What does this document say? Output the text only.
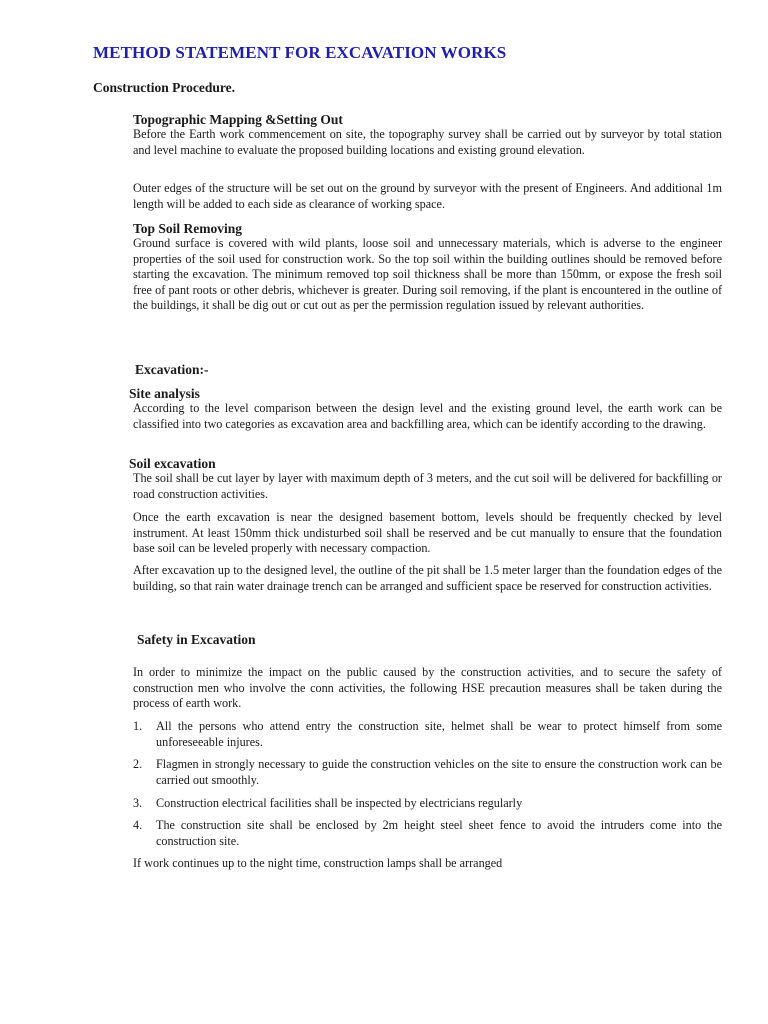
METHOD STATEMENT FOR EXCAVATION WORKS
Construction Procedure.
Topographic Mapping &Setting Out

Before the Earth work commencement on site, the topography survey shall be carried out by surveyor by total station and level machine to evaluate the proposed building locations and existing ground elevation.

Outer edges of the structure will be set out on the ground by surveyor with the present of Engineers. And additional 1m length will be added to each side as clearance of working space.

Top Soil Removing

Ground surface is covered with wild plants, loose soil and unnecessary materials, which is adverse to the engineer properties of the soil used for construction work. So the top soil within the building outlines should be removed before starting the excavation. The minimum removed top soil thickness shall be more than 150mm, or expose the fresh soil free of pant roots or other debris, whichever is greater. During soil removing, if the plant is encountered in the outline of the buildings, it shall be dig out or cut out as per the permission regulation issued by relevant authorities.

Excavation:-
Site analysis

According to the level comparison between the design level and the existing ground level, the earth work can be classified into two categories as excavation area and backfilling area, which can be identify according to the drawing.

Soil excavation

The soil shall be cut layer by layer with maximum depth of 3 meters, and the cut soil will be delivered for backfilling or road construction activities.

Once the earth excavation is near the designed basement bottom, levels should be frequently checked by level instrument. At least 150mm thick undisturbed soil shall be reserved and be cut manually to ensure that the foundation base soil can be leveled properly with necessary compaction.

After excavation up to the designed level, the outline of the pit shall be 1.5 meter larger than the foundation edges of the building, so that rain water drainage trench can be arranged and sufficient space be reserved for construction activities.

Safety in Excavation

In order to minimize the impact on the public caused by the construction activities, and to secure the safety of construction men who involve the conn activities, the following HSE precaution measures shall be taken during the process of earth work.

1.	All the persons who attend entry the construction site, helmet shall be wear to protect himself from some unforeseeable injures.
2.	Flagmen in strongly necessary to guide the construction vehicles on the site to ensure the construction work can be carried out smoothly.
3.	Construction electrical facilities shall be inspected by electricians regularly
4.	The construction site shall be enclosed by 2m height steel sheet fence to avoid the intruders come into the construction site.

If work continues up to the night time, construction lamps shall be arranged
